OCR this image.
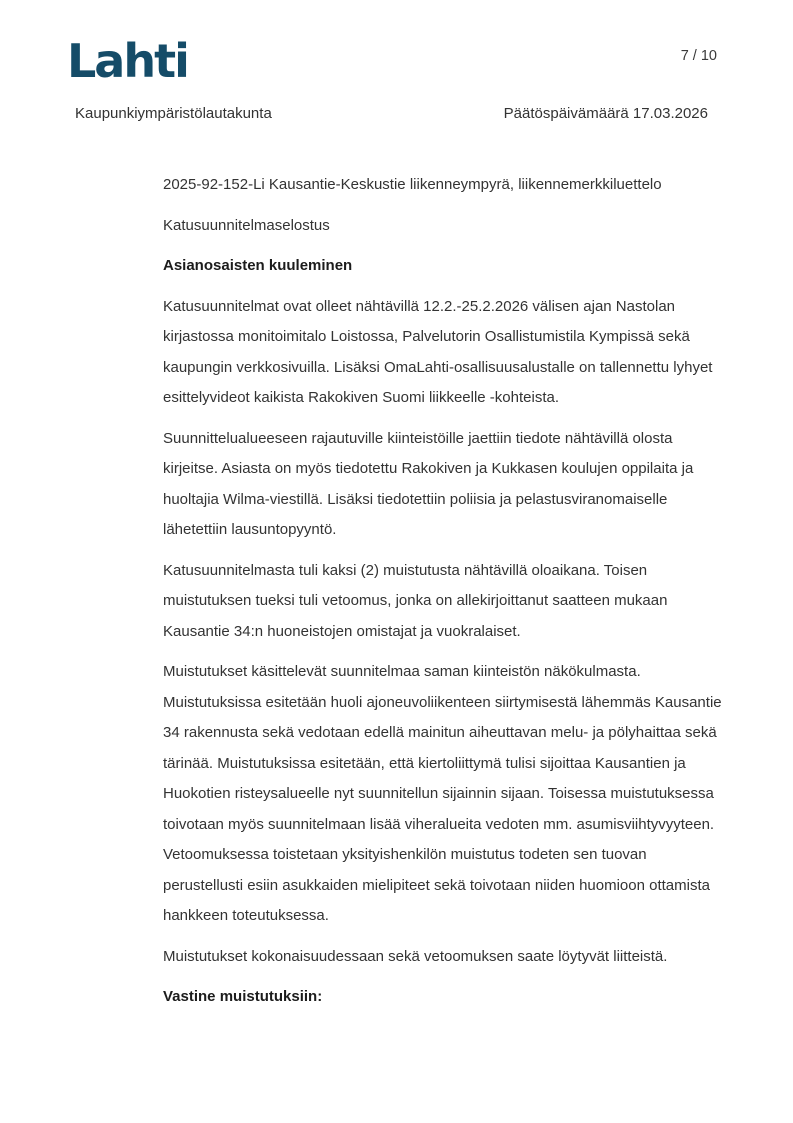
Lahti	7 / 10
Kaupunkiympäristölautakunta	Päätöspäivämäärä 17.03.2026

2025-92-152-Li Kausantie-Keskustie liikenneympyrä, liikennemerkkiluettelo

Katusuunnitelmaselostus

Asianosaisten kuuleminen

Katusuunnitelmat ovat olleet nähtävillä 12.2.-25.2.2026 välisen ajan Nastolan kirjastossa monitoimitalo Loistossa, Palvelutorin Osallistumistila Kympissä sekä kaupungin verkkosivuilla. Lisäksi OmaLahti-osallisuusalustalle on tallennettu lyhyet esittelyvideot kaikista Rakokiven Suomi liikkeelle -kohteista.

Suunnittelualueeseen rajautuville kiinteistöille jaettiin tiedote nähtävillä olosta kirjeitse. Asiasta on myös tiedotettu Rakokiven ja Kukkasen koulujen oppilaita ja huoltajia Wilma-viestillä. Lisäksi tiedotettiin poliisia ja pelastusviranomaiselle lähetettiin lausuntopyyntö.

Katusuunnitelmasta tuli kaksi (2) muistutusta nähtävillä oloaikana. Toisen muistutuksen tueksi tuli vetoomus, jonka on allekirjoittanut saatteen mukaan Kausantie 34:n huoneistojen omistajat ja vuokralaiset.

Muistutukset käsittelevät suunnitelmaa saman kiinteistön näkökulmasta. Muistutuksissa esitetään huoli ajoneuvoliikenteen siirtymisestä lähemmäs Kausantie 34 rakennusta sekä vedotaan edellä mainitun aiheuttavan melu- ja pölyhaittaa sekä tärinää. Muistutuksissa esitetään, että kiertoliittymä tulisi sijoittaa Kausantien ja Huokotien risteysalueelle nyt suunnitellun sijainnin sijaan. Toisessa muistutuksessa toivotaan myös suunnitelmaan lisää viheralueita vedoten mm. asumisviihtyvyyteen. Vetoomuksessa toistetaan yksityishenkilön muistutus todeten sen tuovan perustellusti esiin asukkaiden mielipiteet sekä toivotaan niiden huomioon ottamista hankkeen toteutuksessa.

Muistutukset kokonaisuudessaan sekä vetoomuksen saate löytyvät liitteistä.

Vastine muistutuksiin:
